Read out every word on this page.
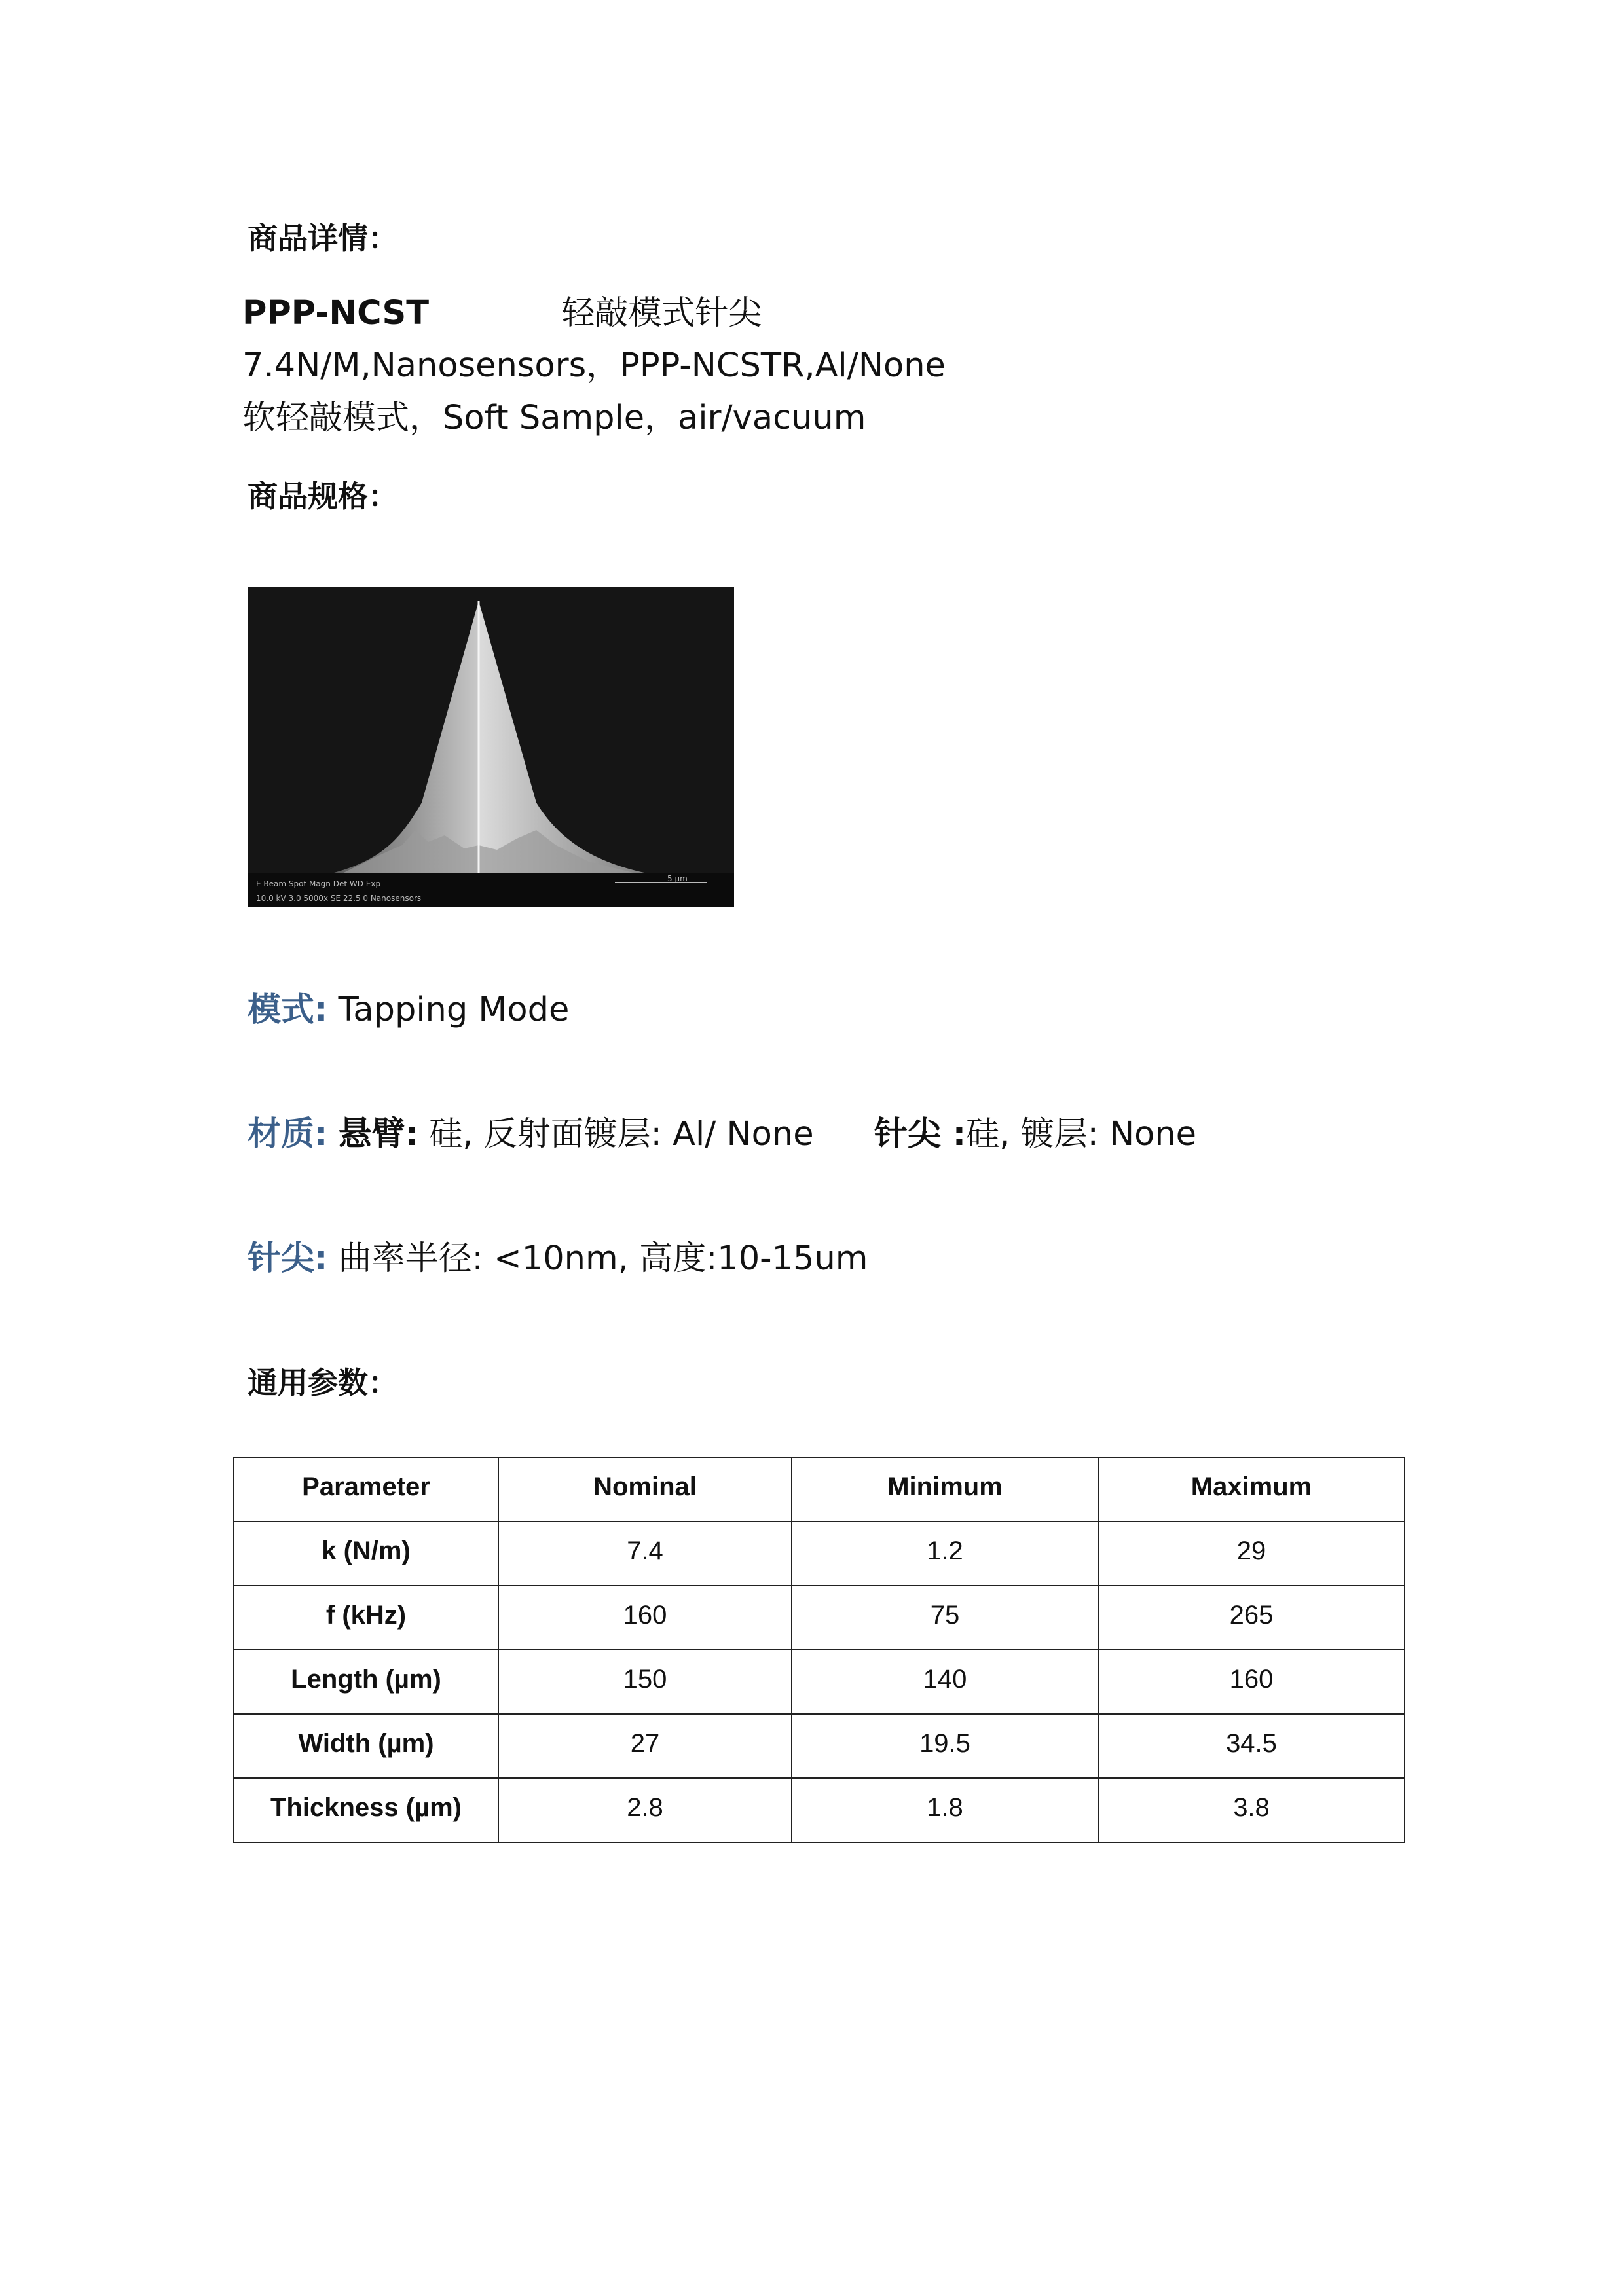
商品详情：
PPP-NCST	轻敲模式针尖
7.4N/M,Nanosensors，PPP-NCSTR,Al/None
软轻敲模式，Soft Sample，air/vacuum
商品规格：
E Beam Spot Magn Det WD Exp
10.0 kV 3.0 5000x SE 22.5 0 Nanosensors
5 µm
模式: Tapping Mode
材质: 悬臂: 硅, 反射面镀层: Al/ None 针尖 :硅, 镀层: None
针尖: 曲率半径: <10nm, 高度:10-15um
通用参数：
Parameter	Nominal	Minimum	Maximum
k (N/m)	7.4	1.2	29
f (kHz)	160	75	265
Length (µm)	150	140	160
Width (µm)	27	19.5	34.5
Thickness (µm)	2.8	1.8	3.8
